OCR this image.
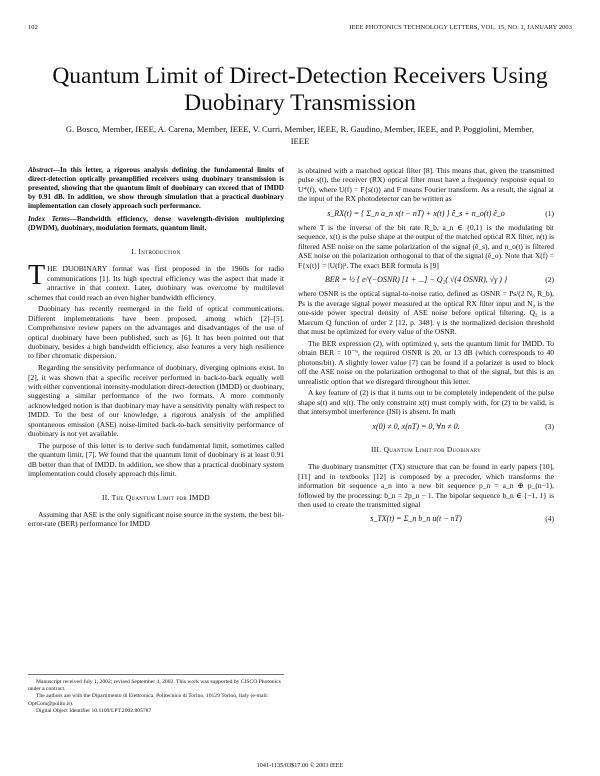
102	IEEE PHOTONICS TECHNOLOGY LETTERS, VOL. 15, NO. 1, JANUARY 2003
Quantum Limit of Direct-Detection Receivers Using Duobinary Transmission
G. Bosco, Member, IEEE, A. Carena, Member, IEEE, V. Curri, Member, IEEE, R. Gaudino, Member, IEEE, and P. Poggiolini, Member, IEEE

Abstract—In this letter, a rigorous analysis defining the fundamental limits of direct-detection optically preamplified receivers using duobinary transmission is presented, showing that the quantum limit of duobinary can exceed that of IMDD by 0.91 dB. In addition, we show through simulation that a practical duobinary implementation can closely approach such performance.

Index Terms—Bandwidth efficiency, dense wavelength-division multiplexing (DWDM), duobinary, modulation formats, quantum limit.

I. Introduction

THE DUOBINARY format was first proposed in the 1960s for radio communications [1]. Its high spectral efficiency was the aspect that made it attractive in that context. Later, duobinary was overcome by multilevel schemes that could reach an even higher bandwidth efficiency.

Duobinary has recently reemerged in the field of optical communications. Different implementations have been proposed, among which [2]–[5]. Comprehensive review papers on the advantages and disadvantages of the use of optical duobinary have been published, such as [6]. It has been pointed out that duobinary, besides a high bandwidth efficiency, also features a very high resilience to fiber chromatic dispersion.

Regarding the sensitivity performance of duobinary, diverging opinions exist. In [2], it was shown that a specific receiver performed in back-to-back equally well with either conventional intensity-modulation direct-detection (IMDD) or duobinary, suggesting a similar performance of the two formats. A more commonly acknowledged notion is that duobinary may have a sensitivity penalty with respect to IMDD. To the best of our knowledge, a rigorous analysis of the amplified spontaneous emission (ASE) noise-limited back-to-back sensitivity performance of duobinary is not yet available.

The purpose of this letter is to derive such fundamental limit, sometimes called the quantum limit, [7]. We found that the quantum limit of duobinary is at least 0.91 dB better than that of IMDD. In addition, we show that a practical duobinary system implementation could closely approach this limit.

II. The Quantum Limit for IMDD

Assuming that ASE is the only significant noise source in the system, the best bit-error-rate (BER) performance for IMDD

Manuscript received July 1, 2002; revised September 4, 2002. This work was supported by CISCO Photonics under a contract.

The authors are with the Dipartimento di Elettronica, Politecnico di Torino, 10129 Torino, Italy (e-mail: OptCom@polito.it).

Digital Object Identifier 10.1109/LPT.2002.805787

is obtained with a matched optical filter [8]. This means that, given the transmitted pulse s(t), the receiver (RX) optical filter must have a frequency response equal to U*(f), where U(f) = F{s(t)} and F means Fourier transform. As a result, the signal at the input of the RX photodetector can be written as

s_RX(t) = { Σ_n a_n x(t − nT) + x(t) } ê_s + n_o(t) ê_o	(1)

where T is the inverse of the bit rate R_b, a_n ∈ {0,1} is the modulating bit sequence, x(t) is the pulse shape at the output of the matched optical RX filter, n(t) is filtered ASE noise on the same polarization of the signal (ê_s), and n_o(t) is filtered ASE noise on the polarization orthogonal to that of the signal (ê_o). Note that X(f) = F{x(t)} = |U(f)|². The exact BER formula is [9]

BER = ½ { e^(−OSNR) [1 + ...] − Q₂( √(4 OSNR), √γ ) }	(2)

where OSNR is the optical signal-to-noise ratio, defined as OSNR = Ps/(2 N₀ R_b), Ps is the average signal power measured at the optical RX filter input and N₀ is the one-side power spectral density of ASE noise before optical filtering. Q₂ is a Marcum Q function of order 2 [12, p. 348]. γ is the normalized decision threshold that must be optimized for every value of the OSNR.

The BER expression (2), with optimized γ, sets the quantum limit for IMDD. To obtain BER = 10⁻⁹, the required OSNR is 20, or 13 dB (which corresponds to 40 photons/bit). A slightly lower value [7] can be found if a polarizer is used to block off the ASE noise on the polarization orthogonal to that of the signal, but this is an unrealistic option that we disregard throughout this letter.

A key feature of (2) is that it turns out to be completely independent of the pulse shape s(t) and x(t). The only constraint x(t) must comply with, for (2) to be valid, is that intersymbol interference (ISI) is absent. In math

x(0) ≠ 0, x(nT) = 0, ∀n ≠ 0.	(3)
III. Quantum Limit for Duobinary

The duobinary transmitter (TX) structure that can be found in early papers [10], [11] and in textbooks [12] is composed by a precoder, which transforms the information bit sequence a_n into a new bit sequence p_n = a_n ⊕ p_(n−1), followed by the processing: b_n = 2p_n − 1. The bipolar sequence b_n ∈ {−1, 1} is then used to create the transmitted signal

s_TX(t) = Σ_n b_n u(t − nT)	(4)
1041-1135/03$17.00 © 2003 IEEE
